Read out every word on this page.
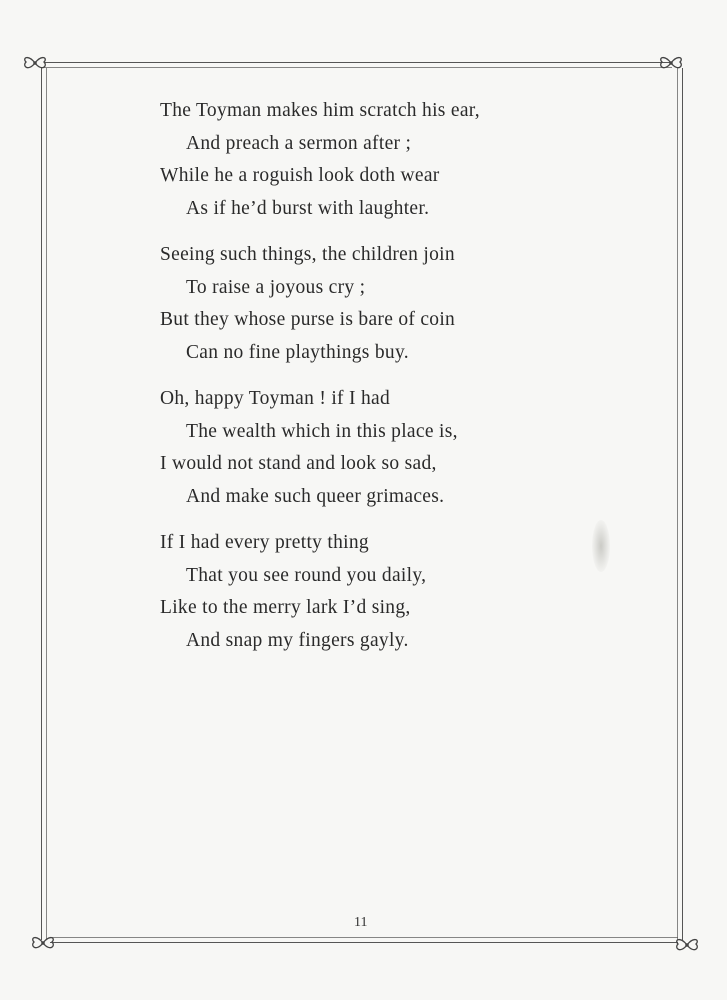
The Toyman makes him scratch his ear,
And preach a sermon after ;
While he a roguish look doth wear
As if he’d burst with laughter.
Seeing such things, the children join
To raise a joyous cry ;
But they whose purse is bare of coin
Can no fine playthings buy.
Oh, happy Toyman ! if I had
The wealth which in this place is,
I would not stand and look so sad,
And make such queer grimaces.
If I had every pretty thing
That you see round you daily,
Like to the merry lark I’d sing,
And snap my fingers gayly.
11
